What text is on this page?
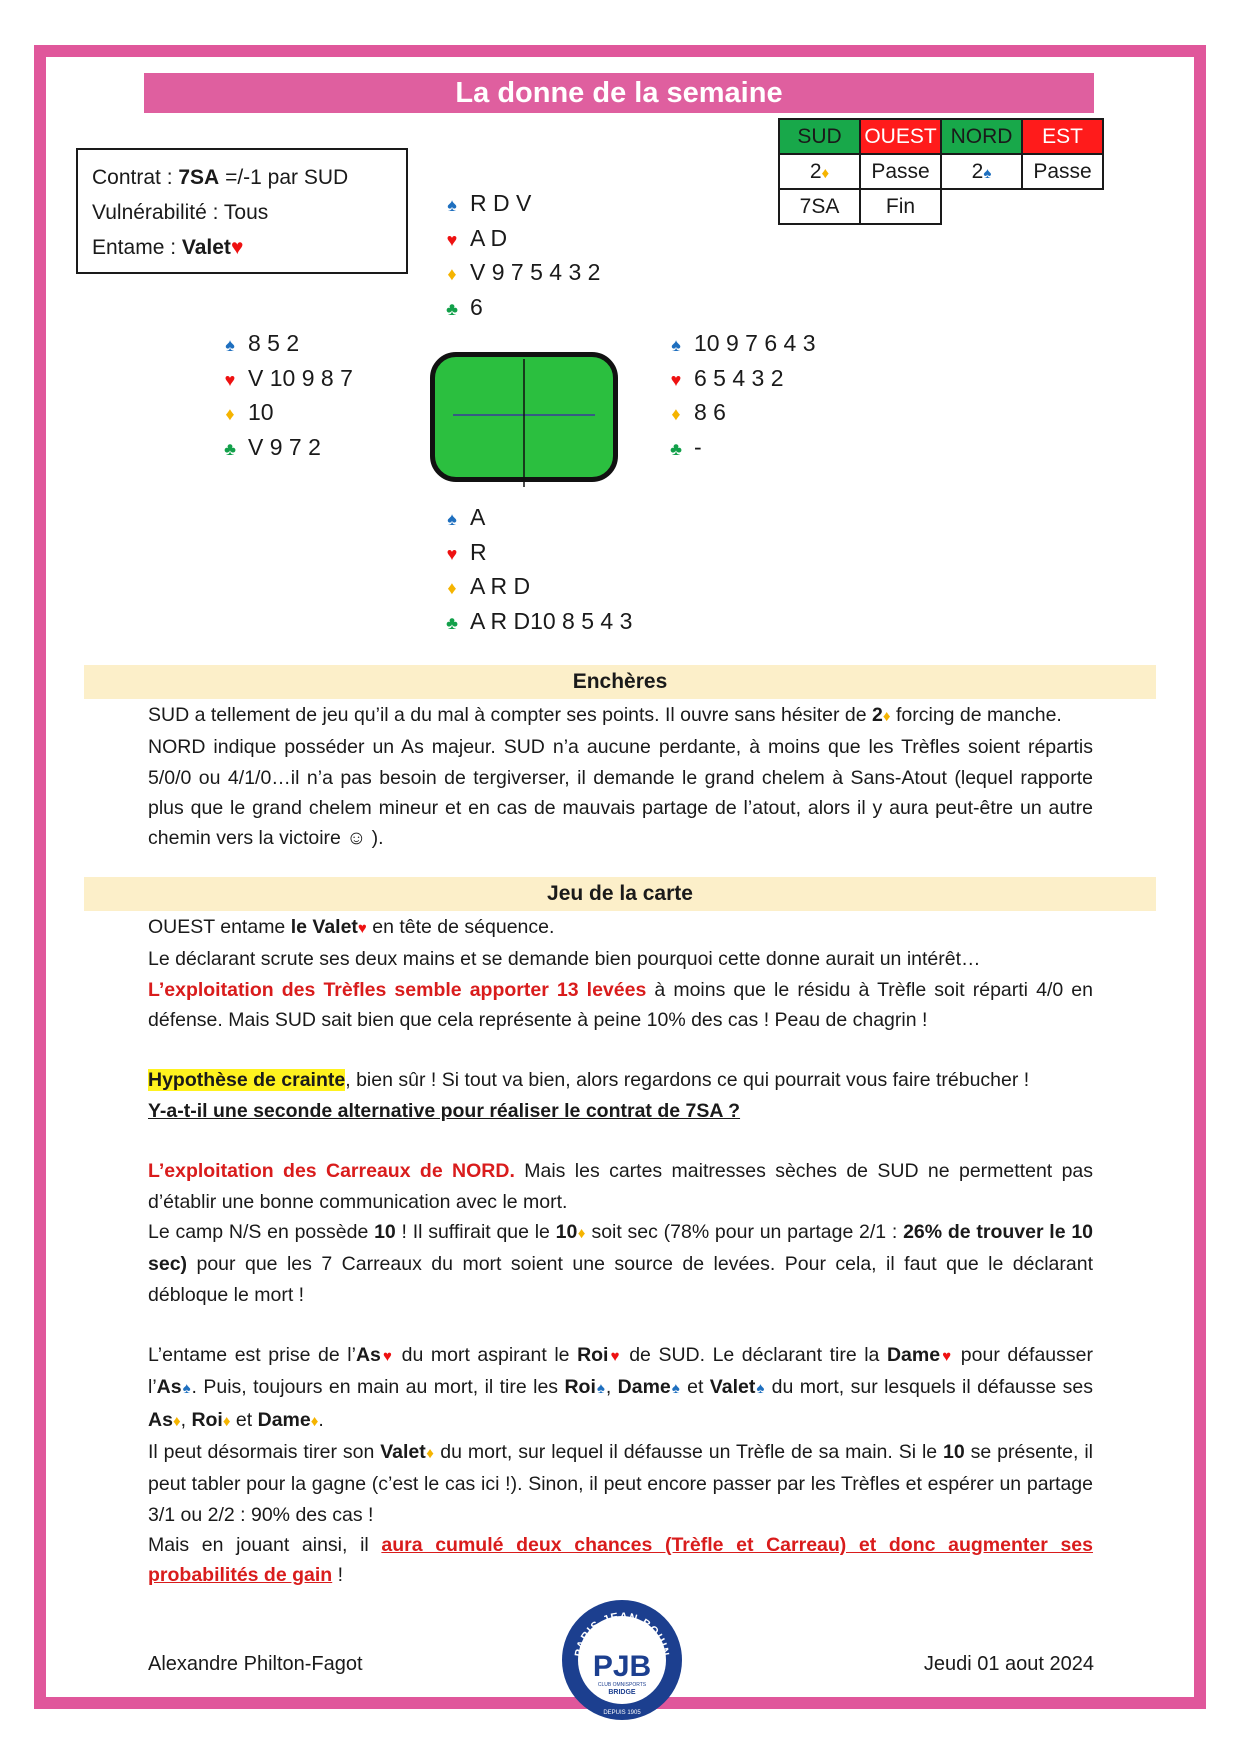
La donne de la semaine
Contrat : 7SA =/-1 par SUD
Vulnérabilité : Tous
Entame : Valet♥
SUD	OUEST	NORD	EST
2♦	Passe	2♠	Passe
7SA	Fin		
♠ R D V
♥ A D
♦ V 9 7 5 4 3 2
♣ 6
♠ 8 5 2
♥ V 10 9 8 7
♦ 10
♣ V 9 7 2
♠ 10 9 7 6 4 3
♥ 6 5 4 3 2
♦ 8 6
♣ -
♠ A
♥ R
♦ A R D
♣ A R D10 8 5 4 3
Enchères

SUD a tellement de jeu qu’il a du mal à compter ses points. Il ouvre sans hésiter de 2♦ forcing de manche.

NORD indique posséder un As majeur. SUD n’a aucune perdante, à moins que les Trèfles soient répartis 5/0/0 ou 4/1/0…il n’a pas besoin de tergiverser, il demande le grand chelem à Sans-Atout (lequel rapporte plus que le grand chelem mineur et en cas de mauvais partage de l’atout, alors il y aura peut-être un autre chemin vers la victoire ☺ ).

Jeu de la carte

OUEST entame le Valet♥ en tête de séquence.

Le déclarant scrute ses deux mains et se demande bien pourquoi cette donne aurait un intérêt…

L’exploitation des Trèfles semble apporter 13 levées à moins que le résidu à Trèfle soit réparti 4/0 en défense. Mais SUD sait bien que cela représente à peine 10% des cas ! Peau de chagrin !

Hypothèse de crainte, bien sûr ! Si tout va bien, alors regardons ce qui pourrait vous faire trébucher !

Y-a-t-il une seconde alternative pour réaliser le contrat de 7SA ?

L’exploitation des Carreaux de NORD. Mais les cartes maitresses sèches de SUD ne permettent pas d’établir une bonne communication avec le mort.

Le camp N/S en possède 10 ! Il suffirait que le 10♦ soit sec (78% pour un partage 2/1 : 26% de trouver le 10 sec) pour que les 7 Carreaux du mort soient une source de levées. Pour cela, il faut que le déclarant débloque le mort !

L’entame est prise de l’As♥ du mort aspirant le Roi♥ de SUD. Le déclarant tire la Dame♥ pour défausser l’As♠. Puis, toujours en main au mort, il tire les Roi♠, Dame♠ et Valet♠ du mort, sur lesquels il défausse ses As♦, Roi♦ et Dame♦.

Il peut désormais tirer son Valet♦ du mort, sur lequel il défausse un Trèfle de sa main. Si le 10 se présente, il peut tabler pour la gagne (c’est le cas ici !). Sinon, il peut encore passer par les Trèfles et espérer un partage 3/1 ou 2/2 : 90% des cas !

Mais en jouant ainsi, il aura cumulé deux chances (Trèfle et Carreau) et donc augmenter ses probabilités de gain !

Alexandre Philton-Fagot	Jeudi 01 aout 2024
PARIS JEAN BOUIN
PJB
CLUB OMNISPORTS
BRIDGE
DEPUIS 1905
